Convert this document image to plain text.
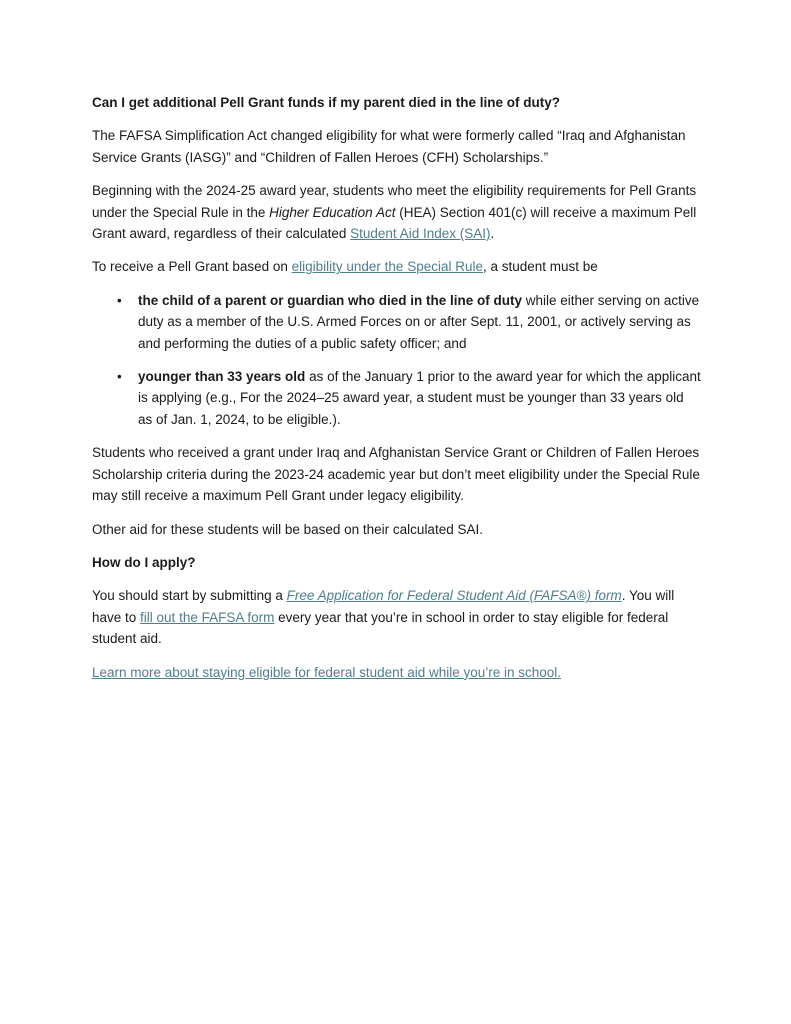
Can I get additional Pell Grant funds if my parent died in the line of duty?

The FAFSA Simplification Act changed eligibility for what were formerly called “Iraq and Afghanistan Service Grants (IASG)” and “Children of Fallen Heroes (CFH) Scholarships.”

Beginning with the 2024-25 award year, students who meet the eligibility requirements for Pell Grants under the Special Rule in the Higher Education Act (HEA) Section 401(c) will receive a maximum Pell Grant award, regardless of their calculated Student Aid Index (SAI).

To receive a Pell Grant based on eligibility under the Special Rule, a student must be

• the child of a parent or guardian who died in the line of duty while either serving on active duty as a member of the U.S. Armed Forces on or after Sept. 11, 2001, or actively serving as and performing the duties of a public safety officer; and
• younger than 33 years old as of the January 1 prior to the award year for which the applicant is applying (e.g., For the 2024–25 award year, a student must be younger than 33 years old as of Jan. 1, 2024, to be eligible.).

Students who received a grant under Iraq and Afghanistan Service Grant or Children of Fallen Heroes Scholarship criteria during the 2023-24 academic year but don’t meet eligibility under the Special Rule may still receive a maximum Pell Grant under legacy eligibility.

Other aid for these students will be based on their calculated SAI.

How do I apply?

You should start by submitting a Free Application for Federal Student Aid (FAFSA®) form. You will have to fill out the FAFSA form every year that you’re in school in order to stay eligible for federal student aid.

Learn more about staying eligible for federal student aid while you’re in school.
